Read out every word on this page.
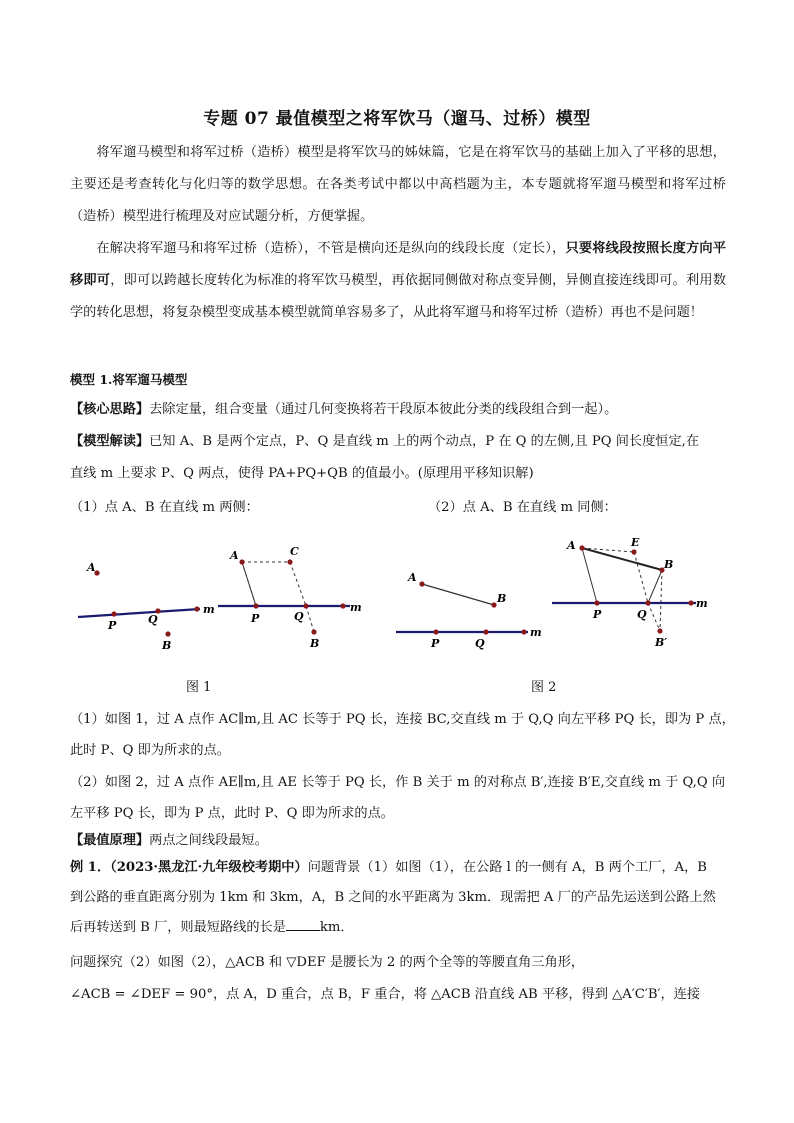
专题 07 最值模型之将军饮马（遛马、过桥）模型
将军遛马模型和将军过桥（造桥）模型是将军饮马的姊妹篇，它是在将军饮马的基础上加入了平移的思想，主要还是考查转化与化归等的数学思想。在各类考试中都以中高档题为主，本专题就将军遛马模型和将军过桥（造桥）模型进行梳理及对应试题分析，方便掌握。
在解决将军遛马和将军过桥（造桥），不管是横向还是纵向的线段长度（定长），只要将线段按照长度方向平移即可，即可以跨越长度转化为标准的将军饮马模型，再依据同侧做对称点变异侧，异侧直接连线即可。利用数学的转化思想，将复杂模型变成基本模型就简单容易多了，从此将军遛马和将军过桥（造桥）再也不是问题！
模型 1.将军遛马模型
【核心思路】去除定量，组合变量（通过几何变换将若干段原本彼此分类的线段组合到一起）。
【模型解读】已知 A、B 是两个定点，P、Q 是直线 m 上的两个动点，P 在 Q 的左侧,且 PQ 间长度恒定,在
直线 m 上要求 P、Q 两点，使得 PA+PQ+QB 的值最小。(原理用平移知识解)
（1）点 A、B 在直线 m 两侧：	（2）点 A、B 在直线 m 同侧：
A
P	Q
B
m
A	C
P	Q
B
m
图 1
A
B
P	Q
m
A	E
B
P	Q
B′
m
图 2
（1）如图 1，过 A 点作 AC∥m,且 AC 长等于 PQ 长，连接 BC,交直线 m 于 Q,Q 向左平移 PQ 长，即为 P 点，
此时 P、Q 即为所求的点。
（2）如图 2，过 A 点作 AE∥m,且 AE 长等于 PQ 长，作 B 关于 m 的对称点 B′,连接 B′E,交直线 m 于 Q,Q 向
左平移 PQ 长，即为 P 点，此时 P、Q 即为所求的点。
【最值原理】两点之间线段最短。
例 1．（2023·黑龙江·九年级校考期中）问题背景（1）如图（1），在公路 l 的一侧有 A，B 两个工厂，A，B
到公路的垂直距离分别为 1km 和 3km，A，B 之间的水平距离为 3km．现需把 A 厂的产品先运送到公路上然
后再转送到 B 厂，则最短路线的长是	km．
问题探究（2）如图（2），△ACB 和 ▽DEF 是腰长为 2 的两个全等的等腰直角三角形，
∠ACB = ∠DEF = 90°，点 A，D 重合，点 B，F 重合，将 △ACB 沿直线 AB 平移，得到 △A′C′B′，连接
